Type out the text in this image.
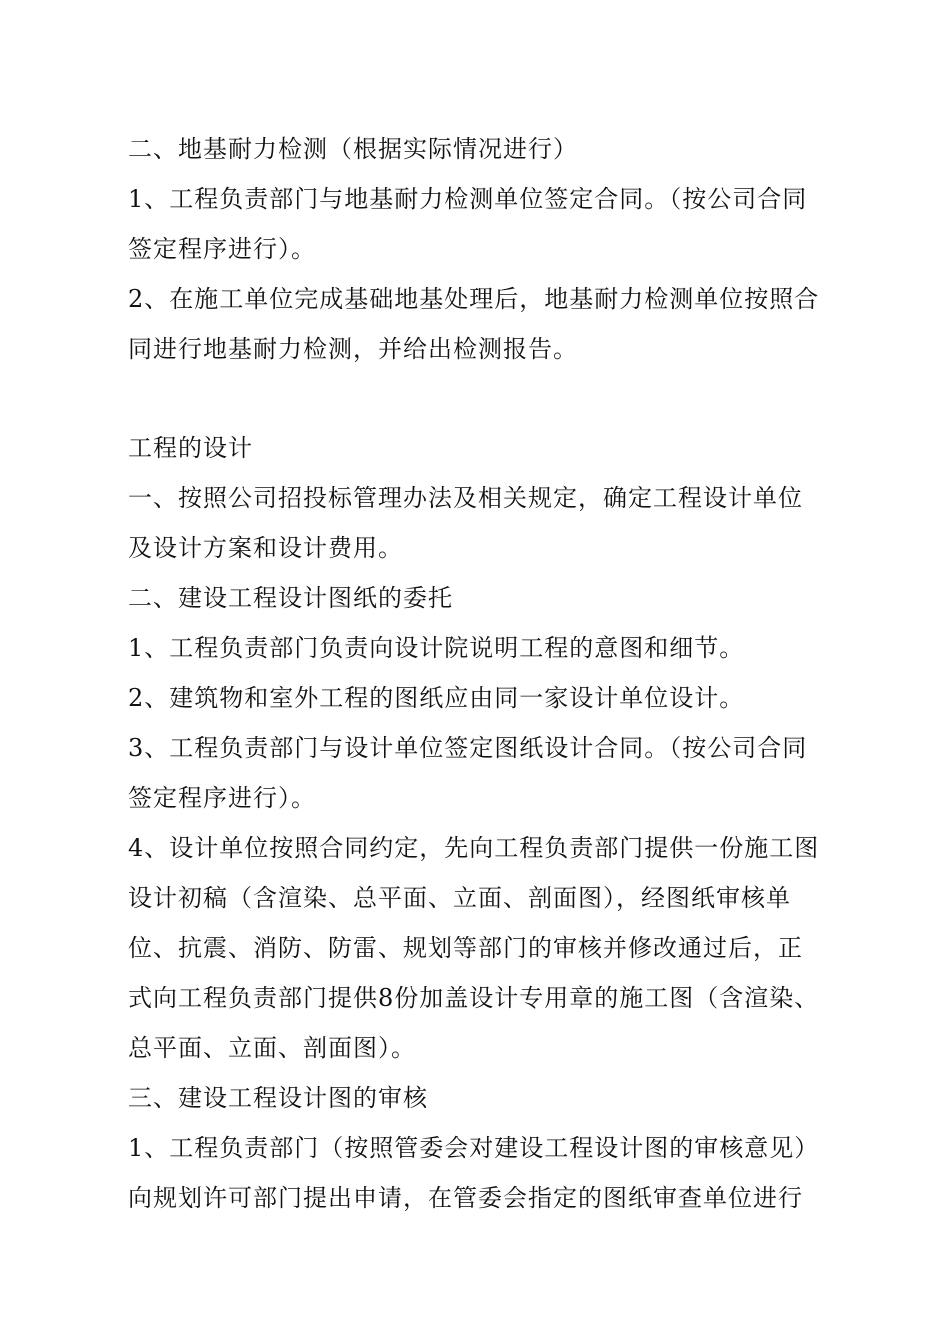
二、地基耐力检测（根据实际情况进行）
1、工程负责部门与地基耐力检测单位签定合同。（按公司合同
签定程序进行）。
2、在施工单位完成基础地基处理后，地基耐力检测单位按照合
同进行地基耐力检测，并给出检测报告。
工程的设计
一、按照公司招投标管理办法及相关规定，确定工程设计单位
及设计方案和设计费用。
二、建设工程设计图纸的委托
1、工程负责部门负责向设计院说明工程的意图和细节。
2、建筑物和室外工程的图纸应由同一家设计单位设计。
3、工程负责部门与设计单位签定图纸设计合同。（按公司合同
签定程序进行）。
4、设计单位按照合同约定，先向工程负责部门提供一份施工图
设计初稿（含渲染、总平面、立面、剖面图），经图纸审核单
位、抗震、消防、防雷、规划等部门的审核并修改通过后，正
式向工程负责部门提供8份加盖设计专用章的施工图（含渲染、
总平面、立面、剖面图）。
三、建设工程设计图的审核
1、工程负责部门（按照管委会对建设工程设计图的审核意见）
向规划许可部门提出申请，在管委会指定的图纸审查单位进行
